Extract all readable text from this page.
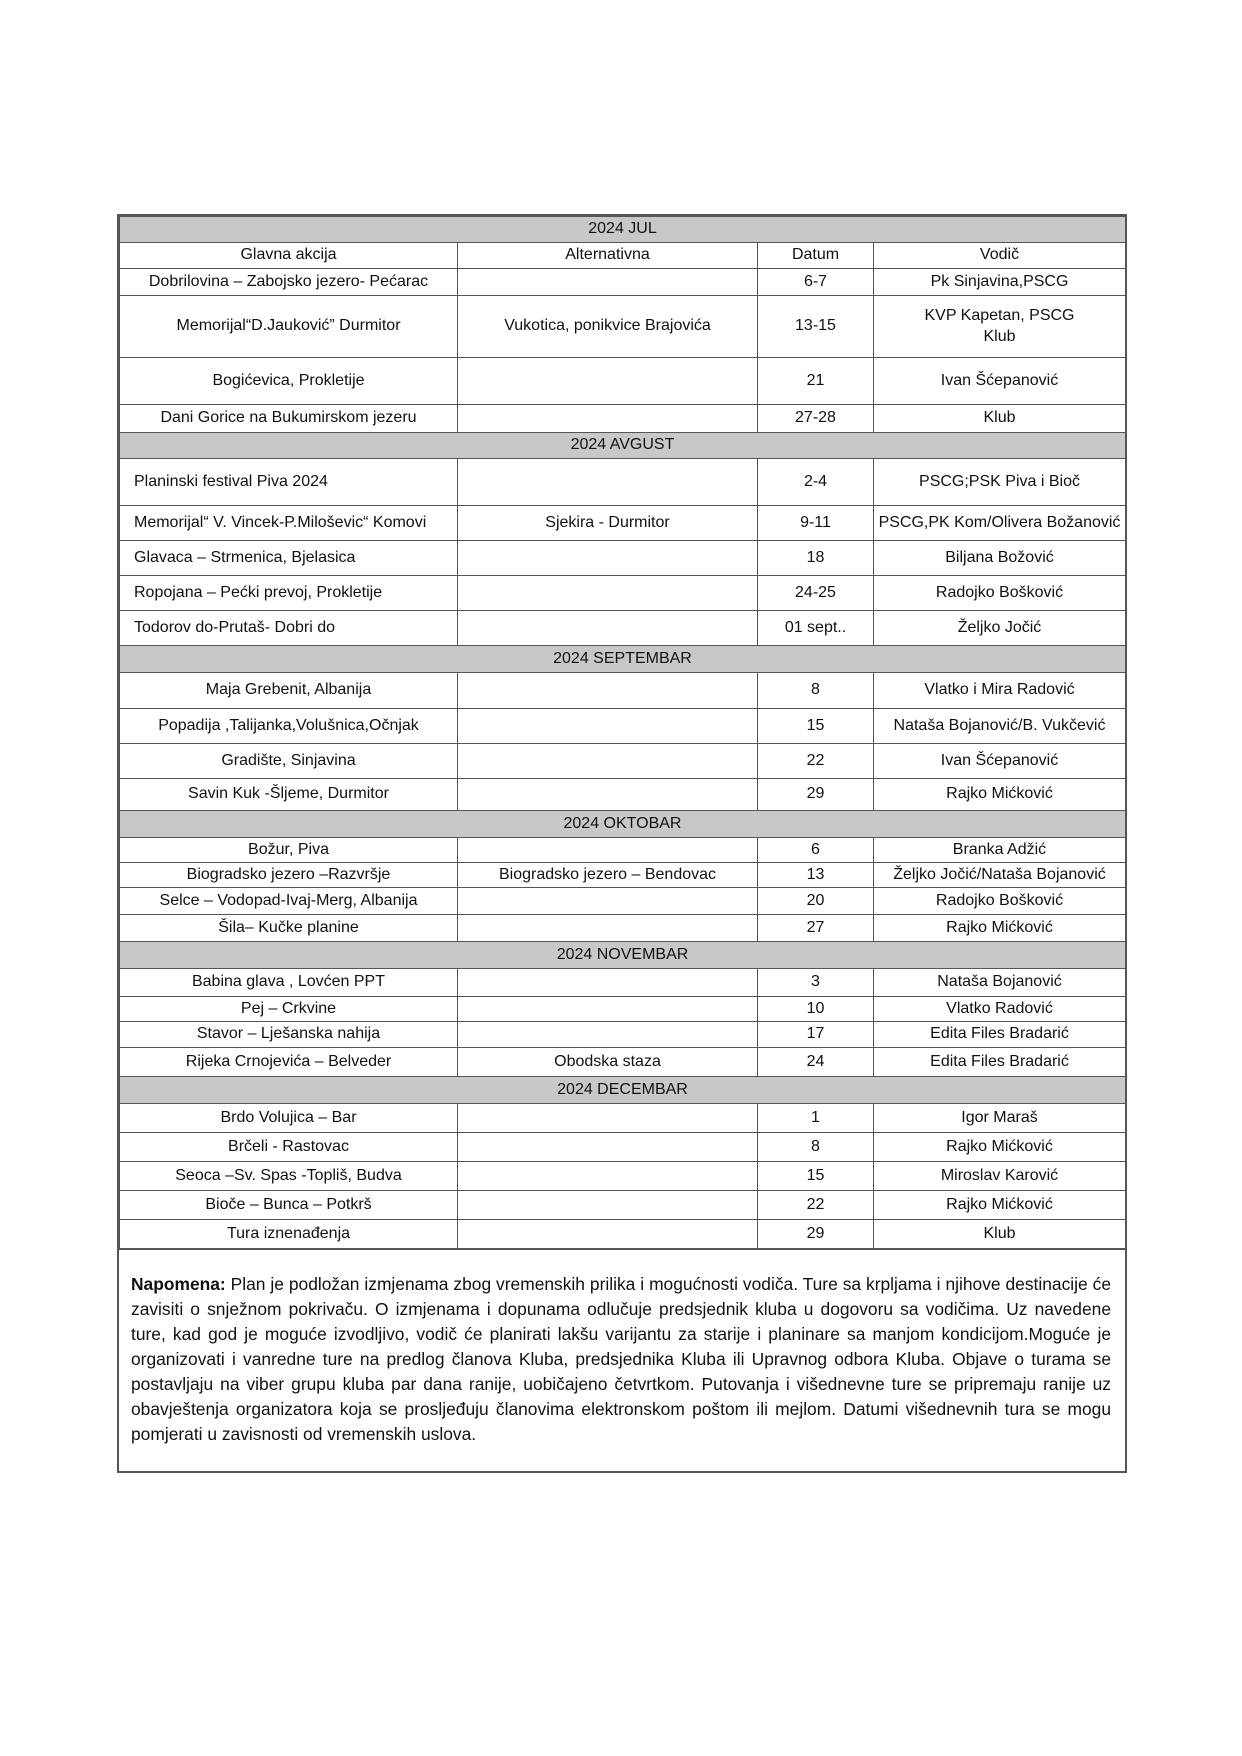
2024 JUL			
Glavna akcija	Alternativna	Datum	Vodič
Dobrilovina – Zabojsko jezero- Pećarac		6-7	Pk Sinjavina,PSCG
Memorijal“D.Jauković” Durmitor	Vukotica, ponikvice Brajovića	13-15	KVP Kapetan, PSCG
Klub

Bogićevica, Prokletije		21	Ivan Šćepanović
Dani Gorice na Bukumirskom jezeru		27-28	Klub
2024 AVGUST			
Planinski festival Piva 2024		2-4	PSCG;PSK Piva i Bioč
Memorijal“ V. Vincek-P.Miloševic“ Komovi	Sjekira - Durmitor	9-11	PSCG,PK Kom/Olivera Božanović
Glavaca – Strmenica, Bjelasica		18	Biljana Božović
Ropojana – Pećki prevoj, Prokletije		24-25	Radojko Bošković
Todorov do-Prutaš- Dobri do		01 sept..	Željko Jočić
2024 SEPTEMBAR			
Maja Grebenit, Albanija		8	Vlatko i Mira Radović
Popadija ,Talijanka,Volušnica,Očnjak		15	Nataša Bojanović/B. Vukčević
Gradište, Sinjavina		22	Ivan Šćepanović
Savin Kuk -Šljeme, Durmitor		29	Rajko Mićković
2024 OKTOBAR			
Božur, Piva		6	Branka Adžić
Biogradsko jezero –Razvršje	Biogradsko jezero – Bendovac	13	Željko Jočić/Nataša Bojanović
Selce – Vodopad-Ivaj-Merg, Albanija		20	Radojko Bošković
Šila– Kučke planine		27	Rajko Mićković
2024 NOVEMBAR			
Babina glava , Lovćen PPT		3	Nataša Bojanović
Pej – Crkvine		10	Vlatko Radović
Stavor – Lješanska nahija		17	Edita Files Bradarić
Rijeka Crnojevića – Belveder	Obodska staza	24	Edita Files Bradarić
2024 DECEMBAR			
Brdo Volujica – Bar		1	Igor Maraš
Brčeli - Rastovac		8	Rajko Mićković
Seoca –Sv. Spas -Topliš, Budva		15	Miroslav Karović
Bioče – Bunca – Potkrš		22	Rajko Mićković
Tura iznenađenja		29	Klub
Napomena: Plan je podložan izmjenama zbog vremenskih prilika i mogućnosti vodiča. Ture sa krpljama i njihove destinacije će zavisiti o snježnom pokrivaču. O izmjenama i dopunama odlučuje predsjednik kluba u dogovoru sa vodičima. Uz navedene ture, kad god je moguće izvodljivo, vodič će planirati lakšu varijantu za starije i planinare sa manjom kondicijom.Moguće je organizovati i vanredne ture na predlog članova Kluba, predsjednika Kluba ili Upravnog odbora Kluba. Objave o turama se postavljaju na viber grupu kluba par dana ranije, uobičajeno četvrtkom. Putovanja i višednevne ture se pripremaju ranije uz obavještenja organizatora koja se prosljeđuju članovima elektronskom poštom ili mejlom. Datumi višednevnih tura se mogu pomjerati u zavisnosti od vremenskih uslova.
